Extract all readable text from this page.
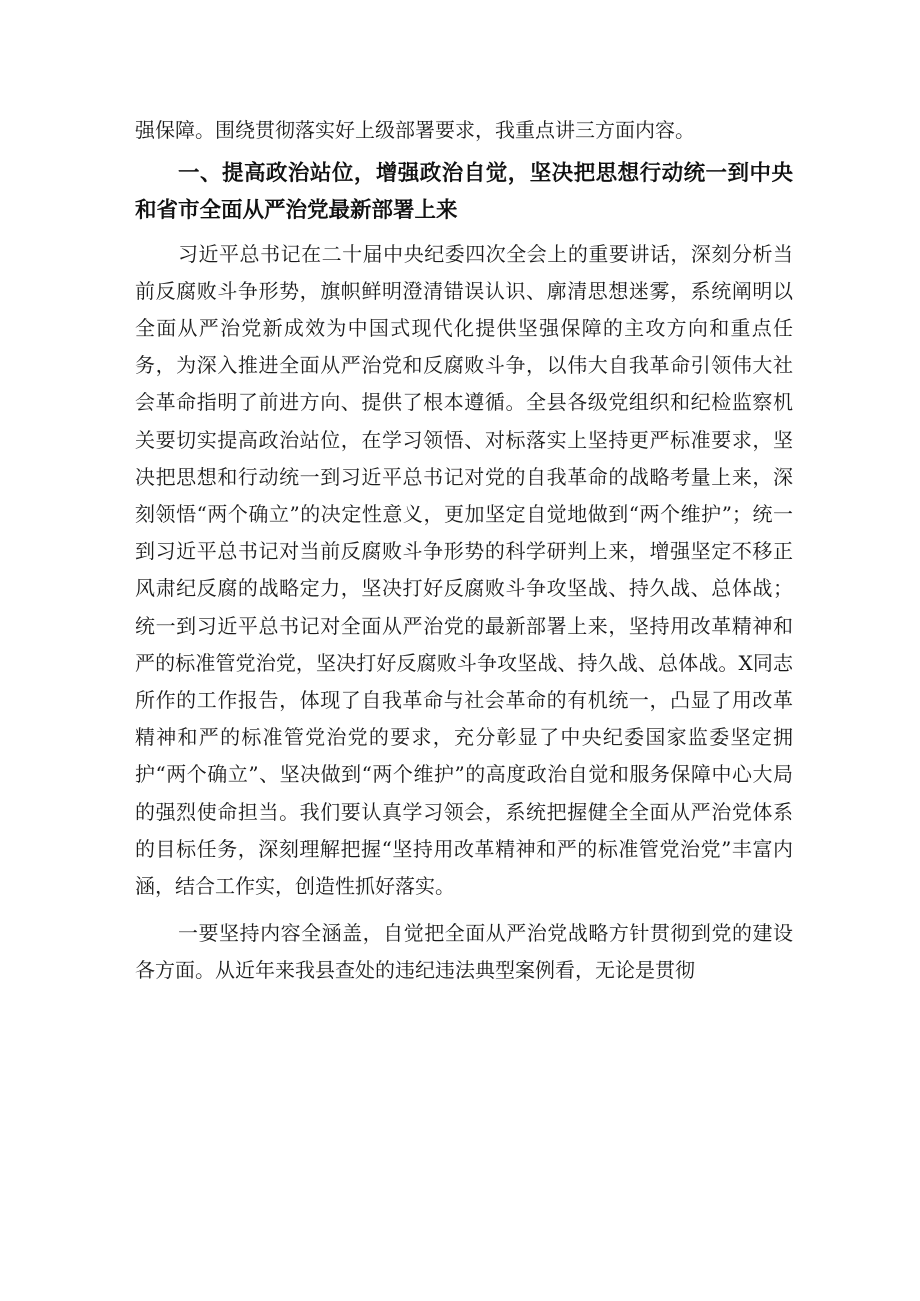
强保障。围绕贯彻落实好上级部署要求，我重点讲三方面内容。

一、提高政治站位，增强政治自觉，坚决把思想行动统一到中央和省市全面从严治党最新部署上来

习近平总书记在二十届中央纪委四次全会上的重要讲话，深刻分析当前反腐败斗争形势，旗帜鲜明澄清错误认识、廓清思想迷雾，系统阐明以全面从严治党新成效为中国式现代化提供坚强保障的主攻方向和重点任务，为深入推进全面从严治党和反腐败斗争，以伟大自我革命引领伟大社会革命指明了前进方向、提供了根本遵循。全县各级党组织和纪检监察机关要切实提高政治站位，在学习领悟、对标落实上坚持更严标准要求，坚决把思想和行动统一到习近平总书记对党的自我革命的战略考量上来，深刻领悟“两个确立”的决定性意义，更加坚定自觉地做到“两个维护”；统一到习近平总书记对当前反腐败斗争形势的科学研判上来，增强坚定不移正风肃纪反腐的战略定力，坚决打好反腐败斗争攻坚战、持久战、总体战；统一到习近平总书记对全面从严治党的最新部署上来，坚持用改革精神和严的标准管党治党，坚决打好反腐败斗争攻坚战、持久战、总体战。X同志所作的工作报告，体现了自我革命与社会革命的有机统一，凸显了用改革精神和严的标准管党治党的要求，充分彰显了中央纪委国家监委坚定拥护“两个确立”、坚决做到“两个维护”的高度政治自觉和服务保障中心大局的强烈使命担当。我们要认真学习领会，系统把握健全全面从严治党体系的目标任务，深刻理解把握“坚持用改革精神和严的标准管党治党”丰富内涵，结合工作实，创造性抓好落实。

一要坚持内容全涵盖，自觉把全面从严治党战略方针贯彻到党的建设各方面。从近年来我县查处的违纪违法典型案例看，无论是贯彻
